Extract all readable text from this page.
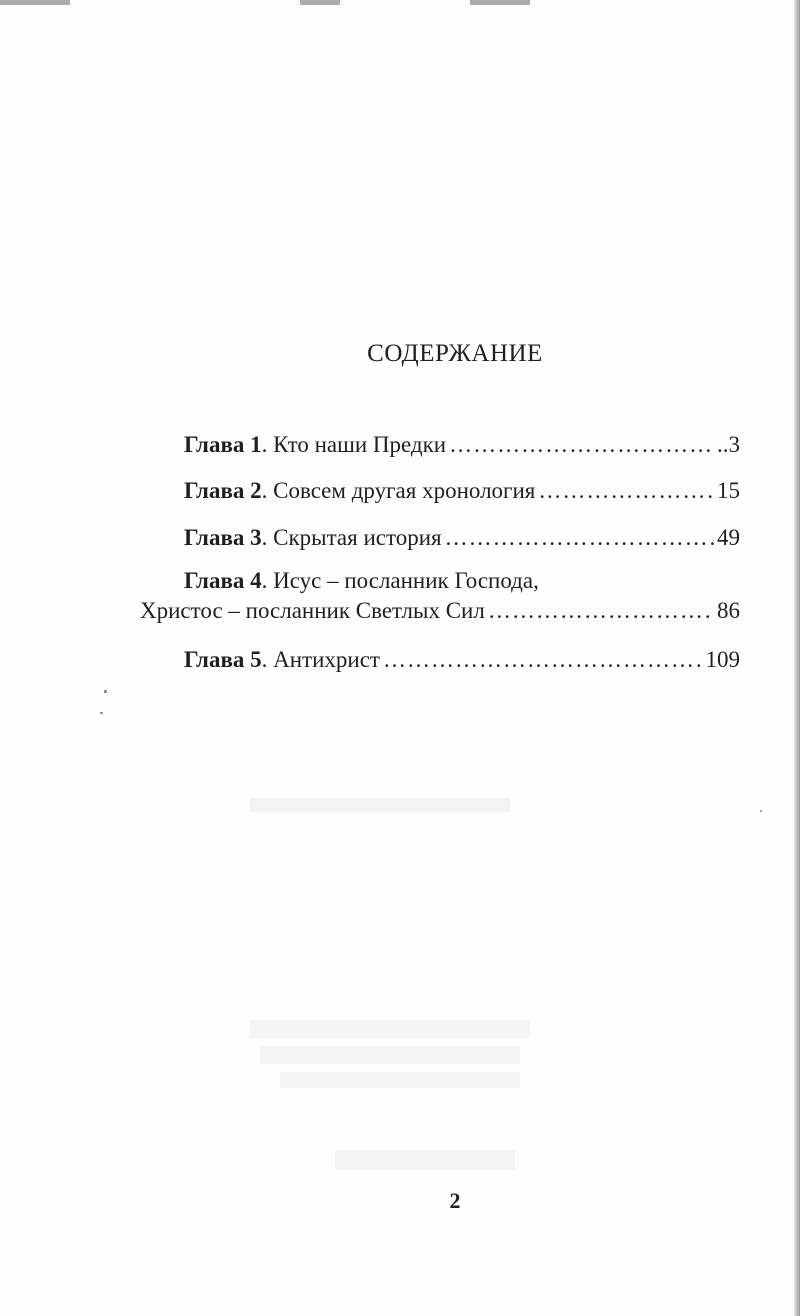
СОДЕРЖАНИЕ
Глава 1 . Кто наши Предки ………………………………………………………………………………………………………	..3
Глава 2 . Совсем другая хронология ………………………………………………………………………………………………………	15
Глава 3 . Скрытая история ………………………………………………………………………………………………………	49
Глава 4 . Исус – посланник Господа,
Христос – посланник Светлых Сил ………………………………………………………………………………………………………	86
Глава 5 . Антихрист ………………………………………………………………………………………………………	109
2
